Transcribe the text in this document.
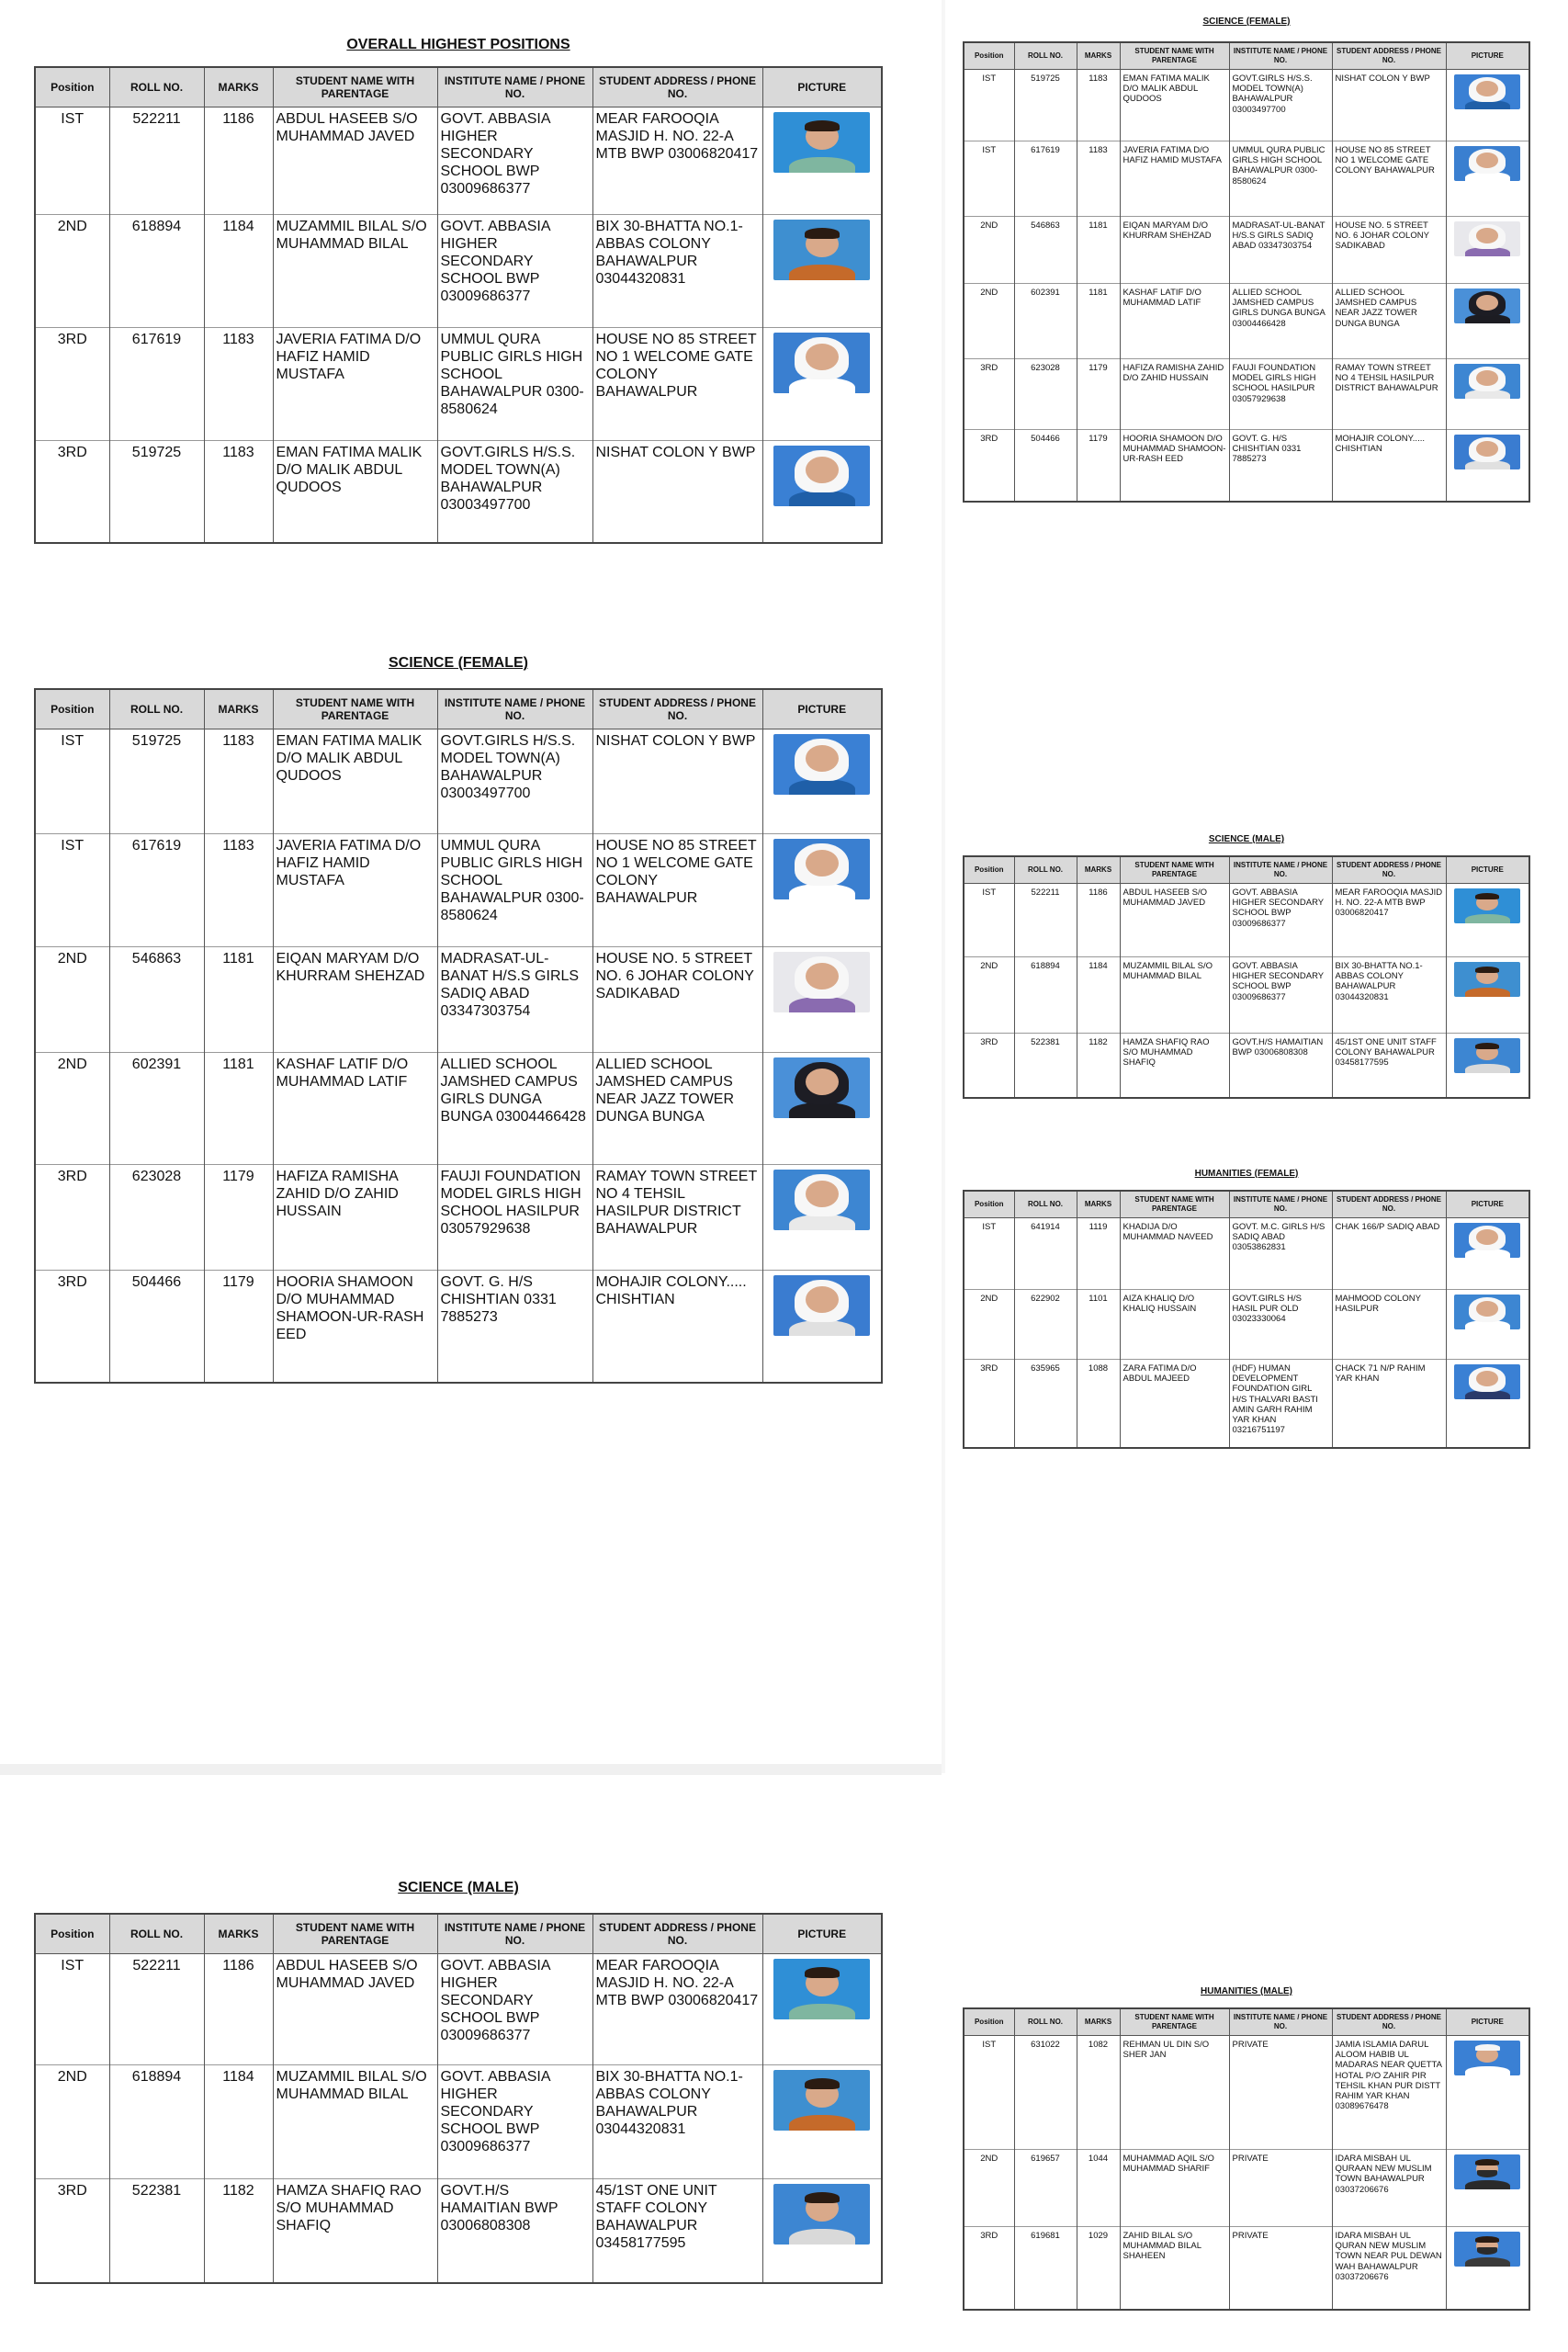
OVERALL HIGHEST POSITIONS

Position	ROLL NO.	MARKS	STUDENT NAME WITH PARENTAGE	INSTITUTE NAME / PHONE NO.	STUDENT ADDRESS / PHONE NO.	PICTURE
IST	522211	1186	ABDUL HASEEB S/O MUHAMMAD JAVED	GOVT. ABBASIA HIGHER SECONDARY SCHOOL BWP 03009686377	MEAR FAROOQIA MASJID H. NO. 22-A MTB BWP 03006820417	

2ND	618894	1184	MUZAMMIL BILAL S/O MUHAMMAD BILAL	GOVT. ABBASIA HIGHER SECONDARY SCHOOL BWP 03009686377	BIX 30-BHATTA NO.1-ABBAS COLONY BAHAWALPUR 03044320831	

3RD	617619	1183	JAVERIA FATIMA D/O HAFIZ HAMID MUSTAFA	UMMUL QURA PUBLIC GIRLS HIGH SCHOOL BAHAWALPUR 0300-8580624	HOUSE NO 85 STREET NO 1 WELCOME GATE COLONY BAHAWALPUR	

3RD	519725	1183	EMAN FATIMA MALIK D/O MALIK ABDUL QUDOOS	GOVT.GIRLS H/S.S. MODEL TOWN(A) BAHAWALPUR 03003497700	NISHAT COLON Y BWP	

SCIENCE (FEMALE)

Position	ROLL NO.	MARKS	STUDENT NAME WITH PARENTAGE	INSTITUTE NAME / PHONE NO.	STUDENT ADDRESS / PHONE NO.	PICTURE
IST	519725	1183	EMAN FATIMA MALIK D/O MALIK ABDUL QUDOOS	GOVT.GIRLS H/S.S. MODEL TOWN(A) BAHAWALPUR 03003497700	NISHAT COLON Y BWP	

IST	617619	1183	JAVERIA FATIMA D/O HAFIZ HAMID MUSTAFA	UMMUL QURA PUBLIC GIRLS HIGH SCHOOL BAHAWALPUR 0300-8580624	HOUSE NO 85 STREET NO 1 WELCOME GATE COLONY BAHAWALPUR	

2ND	546863	1181	EIQAN MARYAM D/O KHURRAM SHEHZAD	MADRASAT-UL-BANAT H/S.S GIRLS SADIQ ABAD 03347303754	HOUSE NO. 5 STREET NO. 6 JOHAR COLONY SADIKABAD	

2ND	602391	1181	KASHAF LATIF D/O MUHAMMAD LATIF	ALLIED SCHOOL JAMSHED CAMPUS GIRLS DUNGA BUNGA 03004466428	ALLIED SCHOOL JAMSHED CAMPUS NEAR JAZZ TOWER DUNGA BUNGA	

3RD	623028	1179	HAFIZA RAMISHA ZAHID D/O ZAHID HUSSAIN	FAUJI FOUNDATION MODEL GIRLS HIGH SCHOOL HASILPUR 03057929638	RAMAY TOWN STREET NO 4 TEHSIL HASILPUR DISTRICT BAHAWALPUR	

3RD	504466	1179	HOORIA SHAMOON D/O MUHAMMAD SHAMOON-UR-RASH EED	GOVT. G. H/S CHISHTIAN 0331 7885273	MOHAJIR COLONY..... CHISHTIAN	

SCIENCE (FEMALE)

Position	ROLL NO.	MARKS	STUDENT NAME WITH PARENTAGE	INSTITUTE NAME / PHONE NO.	STUDENT ADDRESS / PHONE NO.	PICTURE
IST	519725	1183	EMAN FATIMA MALIK D/O MALIK ABDUL QUDOOS	GOVT.GIRLS H/S.S. MODEL TOWN(A) BAHAWALPUR 03003497700	NISHAT COLON Y BWP	

IST	617619	1183	JAVERIA FATIMA D/O HAFIZ HAMID MUSTAFA	UMMUL QURA PUBLIC GIRLS HIGH SCHOOL BAHAWALPUR 0300-8580624	HOUSE NO 85 STREET NO 1 WELCOME GATE COLONY BAHAWALPUR	

2ND	546863	1181	EIQAN MARYAM D/O KHURRAM SHEHZAD	MADRASAT-UL-BANAT H/S.S GIRLS SADIQ ABAD 03347303754	HOUSE NO. 5 STREET NO. 6 JOHAR COLONY SADIKABAD	

2ND	602391	1181	KASHAF LATIF D/O MUHAMMAD LATIF	ALLIED SCHOOL JAMSHED CAMPUS GIRLS DUNGA BUNGA 03004466428	ALLIED SCHOOL JAMSHED CAMPUS NEAR JAZZ TOWER DUNGA BUNGA	

3RD	623028	1179	HAFIZA RAMISHA ZAHID D/O ZAHID HUSSAIN	FAUJI FOUNDATION MODEL GIRLS HIGH SCHOOL HASILPUR 03057929638	RAMAY TOWN STREET NO 4 TEHSIL HASILPUR DISTRICT BAHAWALPUR	

3RD	504466	1179	HOORIA SHAMOON D/O MUHAMMAD SHAMOON-UR-RASH EED	GOVT. G. H/S CHISHTIAN 0331 7885273	MOHAJIR COLONY..... CHISHTIAN	

SCIENCE (MALE)

Position	ROLL NO.	MARKS	STUDENT NAME WITH PARENTAGE	INSTITUTE NAME / PHONE NO.	STUDENT ADDRESS / PHONE NO.	PICTURE
IST	522211	1186	ABDUL HASEEB S/O MUHAMMAD JAVED	GOVT. ABBASIA HIGHER SECONDARY SCHOOL BWP 03009686377	MEAR FAROOQIA MASJID H. NO. 22-A MTB BWP 03006820417	

2ND	618894	1184	MUZAMMIL BILAL S/O MUHAMMAD BILAL	GOVT. ABBASIA HIGHER SECONDARY SCHOOL BWP 03009686377	BIX 30-BHATTA NO.1-ABBAS COLONY BAHAWALPUR 03044320831	

3RD	522381	1182	HAMZA SHAFIQ RAO S/O MUHAMMAD SHAFIQ	GOVT.H/S HAMAITIAN BWP 03006808308	45/1ST ONE UNIT STAFF COLONY BAHAWALPUR 03458177595	

HUMANITIES (FEMALE)

Position	ROLL NO.	MARKS	STUDENT NAME WITH PARENTAGE	INSTITUTE NAME / PHONE NO.	STUDENT ADDRESS / PHONE NO.	PICTURE
IST	641914	1119	KHADIJA D/O MUHAMMAD NAVEED	GOVT. M.C. GIRLS H/S SADIQ ABAD 03053862831	CHAK 166/P SADIQ ABAD	

2ND	622902	1101	AIZA KHALIQ D/O KHALIQ HUSSAIN	GOVT.GIRLS H/S HASIL PUR OLD 03023330064	MAHMOOD COLONY HASILPUR	

3RD	635965	1088	ZARA FATIMA D/O ABDUL MAJEED	(HDF) HUMAN DEVELOPMENT FOUNDATION GIRL H/S THALVARI BASTI AMIN GARH RAHIM YAR KHAN 03216751197	CHACK 71 N/P RAHIM YAR KHAN	

SCIENCE (MALE)

Position	ROLL NO.	MARKS	STUDENT NAME WITH PARENTAGE	INSTITUTE NAME / PHONE NO.	STUDENT ADDRESS / PHONE NO.	PICTURE
IST	522211	1186	ABDUL HASEEB S/O MUHAMMAD JAVED	GOVT. ABBASIA HIGHER SECONDARY SCHOOL BWP 03009686377	MEAR FAROOQIA MASJID H. NO. 22-A MTB BWP 03006820417	

2ND	618894	1184	MUZAMMIL BILAL S/O MUHAMMAD BILAL	GOVT. ABBASIA HIGHER SECONDARY SCHOOL BWP 03009686377	BIX 30-BHATTA NO.1-ABBAS COLONY BAHAWALPUR 03044320831	

3RD	522381	1182	HAMZA SHAFIQ RAO S/O MUHAMMAD SHAFIQ	GOVT.H/S HAMAITIAN BWP 03006808308	45/1ST ONE UNIT STAFF COLONY BAHAWALPUR 03458177595	

HUMANITIES (MALE)

Position	ROLL NO.	MARKS	STUDENT NAME WITH PARENTAGE	INSTITUTE NAME / PHONE NO.	STUDENT ADDRESS / PHONE NO.	PICTURE
IST	631022	1082	REHMAN UL DIN S/O SHER JAN	PRIVATE	JAMIA ISLAMIA DARUL ALOOM HABIB UL MADARAS NEAR QUETTA HOTAL P/O ZAHIR PIR TEHSIL KHAN PUR DISTT RAHIM YAR KHAN 03089676478	

2ND	619657	1044	MUHAMMAD AQIL S/O MUHAMMAD SHARIF	PRIVATE	IDARA MISBAH UL QURAAN NEW MUSLIM TOWN BAHAWALPUR 03037206676	

3RD	619681	1029	ZAHID BILAL S/O MUHAMMAD BILAL SHAHEEN	PRIVATE	IDARA MISBAH UL QURAN NEW MUSLIM TOWN NEAR PUL DEWAN WAH BAHAWALPUR 03037206676	
